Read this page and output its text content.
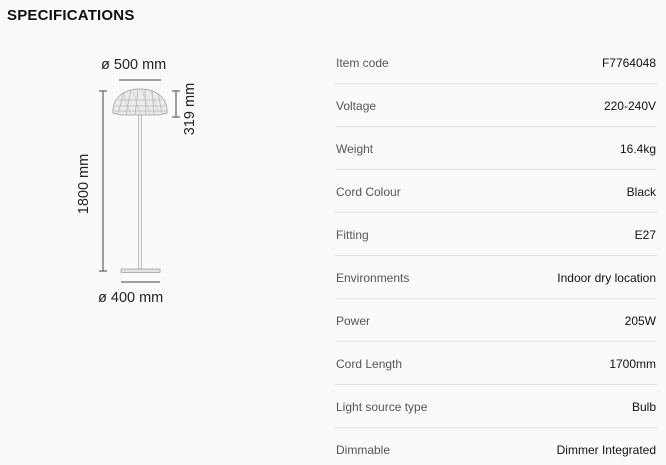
SPECIFICATIONS
ø 500 mm
ø 400 mm
1800 mm
319 mm
Item code	F7764048
Voltage	220-240V
Weight	16.4kg
Cord Colour	Black
Fitting	E27
Environments	Indoor dry location
Power	205W
Cord Length	1700mm
Light source type	Bulb
Dimmable	Dimmer Integrated
